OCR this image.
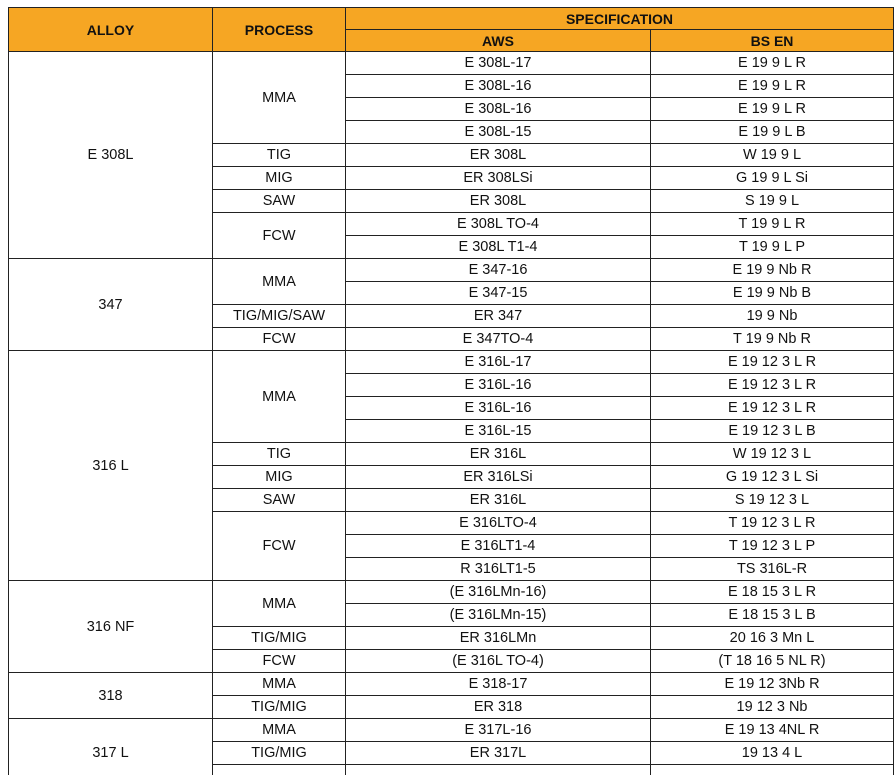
ALLOY	PROCESS	SPECIFICATION	
		AWS	BS EN
E 308L	MMA	E 308L-17	E 19 9 L R
		E 308L-16	E 19 9 L R
		E 308L-16	E 19 9 L R
		E 308L-15	E 19 9 L B
	TIG	ER 308L	W 19 9 L
	MIG	ER 308LSi	G 19 9 L Si
	SAW	ER 308L	S 19 9 L
	FCW	E 308L TO-4	T 19 9 L R
		E 308L T1-4	T 19 9 L P
347	MMA	E 347-16	E 19 9 Nb R
		E 347-15	E 19 9 Nb B
	TIG/MIG/SAW	ER 347	19 9 Nb
	FCW	E 347TO-4	T 19 9 Nb R
316 L	MMA	E 316L-17	E 19 12 3 L R
		E 316L-16	E 19 12 3 L R
		E 316L-16	E 19 12 3 L R
		E 316L-15	E 19 12 3 L B
	TIG	ER 316L	W 19 12 3 L
	MIG	ER 316LSi	G 19 12 3 L Si
	SAW	ER 316L	S 19 12 3 L
	FCW	E 316LTO-4	T 19 12 3 L R
		E 316LT1-4	T 19 12 3 L P
		R 316LT1-5	TS 316L-R
316 NF	MMA	(E 316LMn-16)	E 18 15 3 L R
		(E 316LMn-15)	E 18 15 3 L B
	TIG/MIG	ER 316LMn	20 16 3 Mn L
	FCW	(E 316L TO-4)	(T 18 16 5 NL R)
318	MMA	E 318-17	E 19 12 3Nb R
	TIG/MIG	ER 318	19 12 3 Nb
317 L	MMA	E 317L-16	E 19 13 4NL R
	TIG/MIG	ER 317L	19 13 4 L
